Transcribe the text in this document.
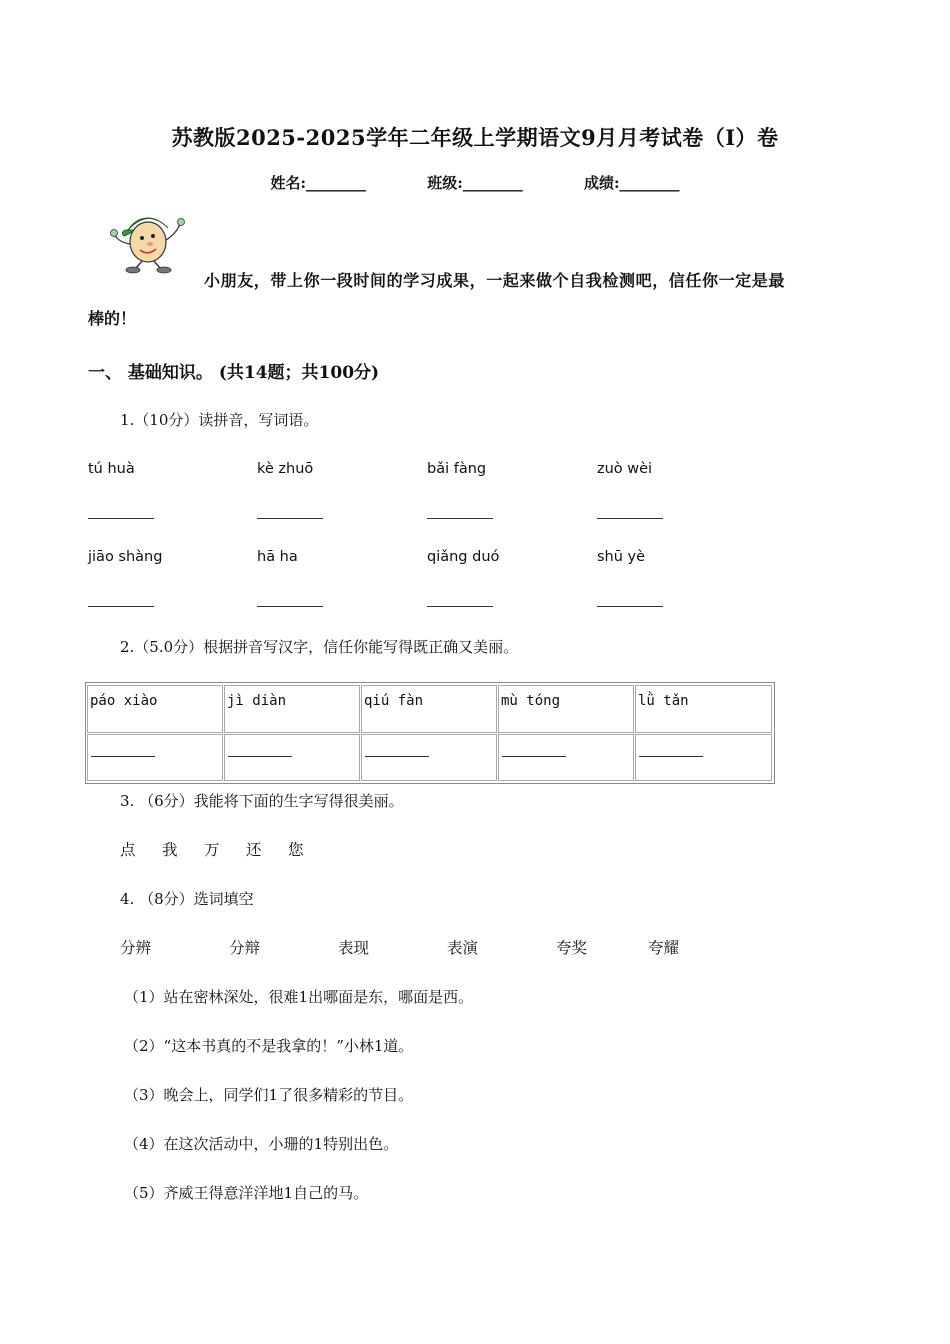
苏教版2025-2025学年二年级上学期语文9月月考试卷（I）卷
姓名:________	班级:________	成绩:________
小朋友，带上你一段时间的学习成果，一起来做个自我检测吧，信任你一定是最
棒的！
一、 基础知识。 (共14题；共100分)
1.（10分）读拼音，写词语。
tú huà	kè zhuō	bǎi fàng	zuò wèi
jiāo shàng	hā ha	qiǎng duó	shū yè
2.（5.0分）根据拼音写汉字，信任你能写得既正确又美丽。
páo xiào	jì diàn	qiú fàn	mù tóng	lǜ tǎn
3. （6分）我能将下面的生字写得很美丽。
点 我 万 还 您
4. （8分）选词填空
分辨	分辩	表现	表演	夸奖	夸耀
（1）站在密林深处，很难1出哪面是东，哪面是西。
（2）“这本书真的不是我拿的！”小林1道。
（3）晚会上，同学们1了很多精彩的节目。
（4）在这次活动中，小珊的1特别出色。
（5）齐威王得意洋洋地1自己的马。
